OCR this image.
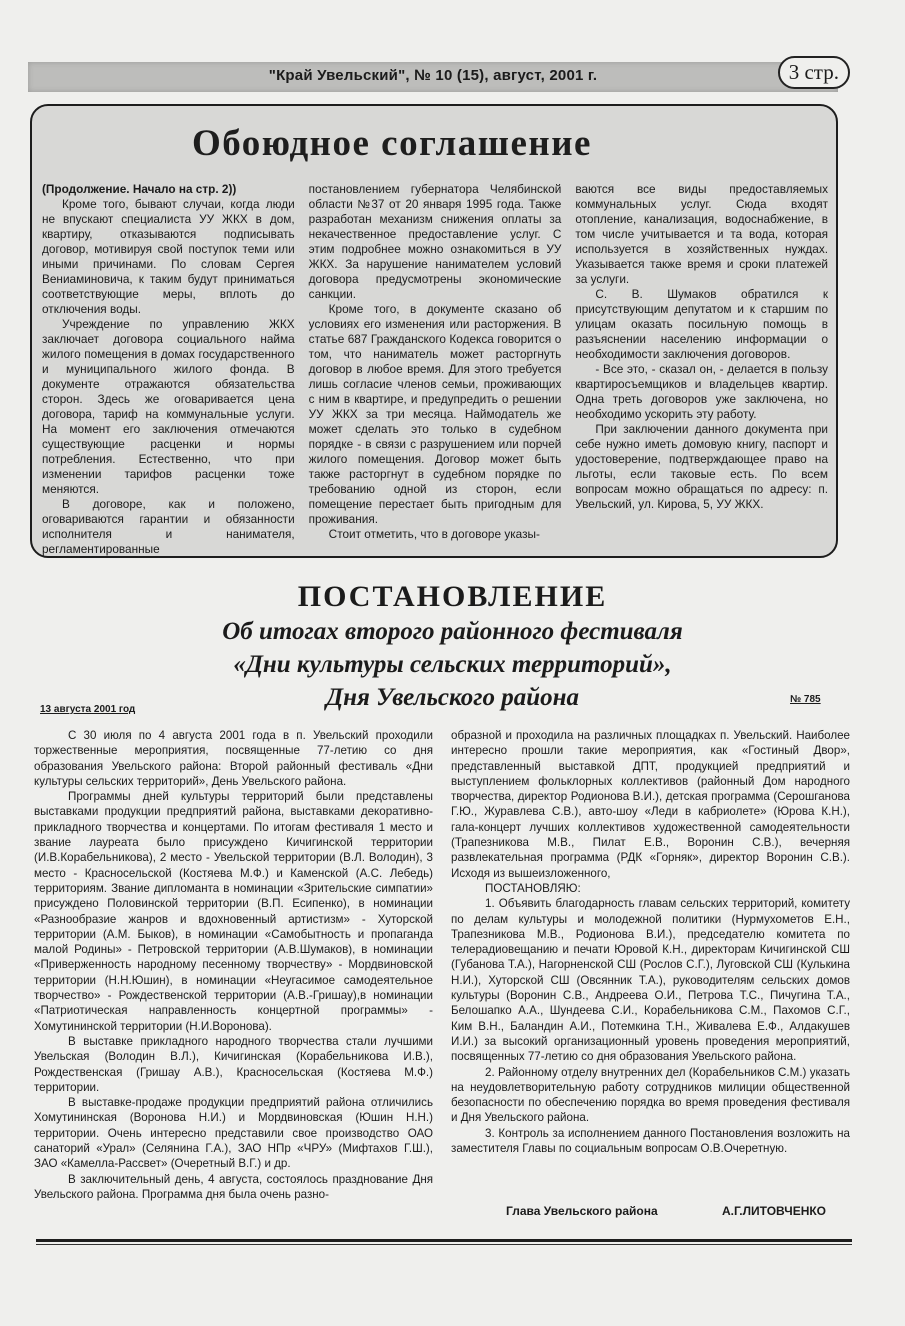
"Край Увельский", № 10 (15), август, 2001 г.	3 стр.
Обоюдное соглашение

(Продолжение. Начало на стр. 2))

Кроме того, бывают случаи, когда люди не впускают специалиста УУ ЖКХ в дом, квартиру, отказываются подписывать договор, мотивируя свой поступок теми или иными причинами. По словам Сергея Вениаминовича, к таким будут приниматься соответствующие меры, вплоть до отключения воды.

Учреждение по управлению ЖКХ заключает договора социального найма жилого помещения в домах государственного и муниципального жилого фонда. В документе отражаются обязательства сторон. Здесь же оговаривается цена договора, тариф на коммунальные услуги. На момент его заключения отмечаются существующие расценки и нормы потребления. Естественно, что при изменении тарифов расценки тоже меняются.

В договоре, как и положено, оговариваются гарантии и обязанности исполнителя и нанимателя, регламентированные

постановлением губернатора Челябинской области №37 от 20 января 1995 года. Также разработан механизм снижения оплаты за некачественное предоставление услуг. С этим подробнее можно ознакомиться в УУ ЖКХ. За нарушение нанимателем условий договора предусмотрены экономические санкции.

Кроме того, в документе сказано об условиях его изменения или расторжения. В статье 687 Гражданского Кодекса говорится о том, что наниматель может расторгнуть договор в любое время. Для этого требуется лишь согласие членов семьи, проживающих с ним в квартире, и предупредить о решении УУ ЖКХ за три месяца. Наймодатель же может сделать это только в судебном порядке - в связи с разрушением или порчей жилого помещения. Договор может быть также расторгнут в судебном порядке по требованию одной из сторон, если помещение перестает быть пригодным для проживания.

Стоит отметить, что в договоре указы-

ваются все виды предоставляемых коммунальных услуг. Сюда входят отопление, канализация, водоснабжение, в том числе учитывается и та вода, которая используется в хозяйственных нуждах. Указывается также время и сроки платежей за услуги.

С. В. Шумаков обратился к присутствующим депутатом и к старшим по улицам оказать посильную помощь в разъяснении населению информации о необходимости заключения договоров.

- Все это, - сказал он, - делается в пользу квартиросъемщиков и владельцев квартир. Одна треть договоров уже заключена, но необходимо ускорить эту работу.

При заключении данного документа при себе нужно иметь домовую книгу, паспорт и удостоверение, подтверждающее право на льготы, если таковые есть. По всем вопросам можно обращаться по адресу: п. Увельский, ул. Кирова, 5, УУ ЖКХ.

ПОСТАНОВЛЕНИЕ
Об итогах второго районного фестиваля
«Дни культуры сельских территорий»,
Дня Увельского района
13 августа 2001 год
№ 785

С 30 июля по 4 августа 2001 года в п. Увельский проходили торжественные мероприятия, посвященные 77-летию со дня образования Увельского района: Второй районный фестиваль «Дни культуры сельских территорий», День Увельского района.

Программы дней культуры территорий были представлены выставками продукции предприятий района, выставками декоративно-прикладного творчества и концертами. По итогам фестиваля 1 место и звание лауреата было присуждено Кичигинской территории (И.В.Корабельникова), 2 место - Увельской территории (В.Л. Володин), 3 место - Красносельской (Костяева М.Ф.) и Каменской (А.С. Лебедь) территориям. Звание дипломанта в номинации «Зрительские симпатии» присуждено Половинской территории (В.П. Есипенко), в номинации «Разнообразие жанров и вдохновенный артистизм» - Хуторской территории (А.М. Быков), в номинации «Самобытность и пропаганда малой Родины» - Петровской территории (А.В.Шумаков), в номинации «Приверженность народному песенному творчеству» - Мордвиновской территории (Н.Н.Юшин), в номинации «Неугасимое самодеятельное творчество» - Рождественской территории (А.В.-Гришау),в номинации «Патриотическая направленность концертной программы» - Хомутининской территории (Н.И.Воронова).

В выставке прикладного народного творчества стали лучшими Увельская (Володин В.Л.), Кичигинская (Корабельникова И.В.), Рождественская (Гришау А.В.), Красносельская (Костяева М.Ф.) территории.

В выставке-продаже продукции предприятий района отличились Хомутининская (Воронова Н.И.) и Мордвиновская (Юшин Н.Н.) территории. Очень интересно представили свое производство ОАО санаторий «Урал» (Селянина Г.А.), ЗАО НПр «ЧРУ» (Мифтахов Г.Ш.), ЗАО «Камелла-Рассвет» (Очеретный В.Г.) и др.

В заключительный день, 4 августа, состоялось празднование Дня Увельского района. Программа дня была очень разно-

образной и проходила на различных площадках п. Увельский. Наиболее интересно прошли такие мероприятия, как «Гостиный Двор», представленный выставкой ДПТ, продукцией предприятий и выступлением фольклорных коллективов (районный Дом народного творчества, директор Родионова В.И.), детская программа (Серошганова Г.Ю., Журавлева С.В.), авто-шоу «Леди в кабриолете» (Юрова К.Н.), гала-концерт лучших коллективов художественной самодеятельности (Трапезникова М.В., Пилат Е.В., Воронин С.В.), вечерняя развлекательная программа (РДК «Горняк», директор Воронин С.В.). Исходя из вышеизложенного,

ПОСТАНОВЛЯЮ:

1. Объявить благодарность главам сельских территорий, комитету по делам культуры и молодежной политики (Нурмухометов Е.Н., Трапезникова М.В., Родионова В.И.), председателю комитета по телерадиовещанию и печати Юровой К.Н., директорам Кичигинской СШ (Губанова Т.А.), Нагорненской СШ (Рослов С.Г.), Луговской СШ (Кулькина Н.И.), Хуторской СШ (Овсянник Т.А.), руководителям сельских домов культуры (Воронин С.В., Андреева О.И., Петрова Т.С., Пичугина Т.А., Белошапко А.А., Шундеева С.И., Корабельникова С.М., Пахомов С.Г., Ким В.Н., Баландин А.И., Потемкина Т.Н., Живалева Е.Ф., Алдакушев И.И.) за высокий организационный уровень проведения мероприятий, посвященных 77-летию со дня образования Увельского района.

2. Районному отделу внутренних дел (Корабельников С.М.) указать на неудовлетворительную работу сотрудников милиции общественной безопасности по обеспечению порядка во время проведения фестиваля и Дня Увельского района.

3. Контроль за исполнением данного Постановления возложить на заместителя Главы по социальным вопросам О.В.Очеретную.

Глава Увельского района	А.Г.ЛИТОВЧЕНКО
